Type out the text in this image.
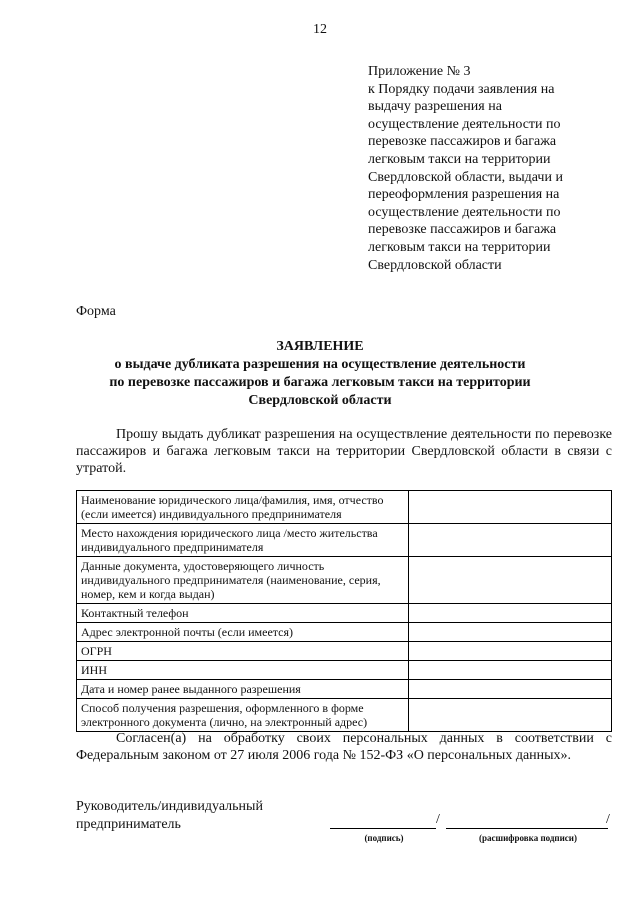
12
Приложение № 3
к Порядку подачи заявления на
выдачу разрешения на
осуществление деятельности по
перевозке пассажиров и багажа
легковым такси на территории
Свердловской области, выдачи и
переоформления разрешения на
осуществление деятельности по
перевозке пассажиров и багажа
легковым такси на территории
Свердловской области
Форма
ЗАЯВЛЕНИЕ
о выдаче дубликата разрешения на осуществление деятельности
по перевозке пассажиров и багажа легковым такси на территории
Свердловской области
Прошу выдать дубликат разрешения на осуществление деятельности по перевозке пассажиров и багажа легковым такси на территории Свердловской области в связи с утратой.
Наименование юридического лица/фамилия, имя, отчество (если имеется) индивидуального предпринимателя	
Место нахождения юридического лица /место жительства индивидуального предпринимателя	
Данные документа, удостоверяющего личность индивидуального предпринимателя (наименование, серия, номер, кем и когда выдан)	
Контактный телефон	
Адрес электронной почты (если имеется)	
ОГРН	
ИНН	
Дата и номер ранее выданного разрешения	
Способ получения разрешения, оформленного в форме электронного документа (лично, на электронный адрес)	
Согласен(а) на обработку своих персональных данных в соответствии с Федеральным законом от 27 июля 2006 года № 152-ФЗ «О персональных данных».
Руководитель/индивидуальный
предприниматель	/	/
(подпись)	(расшифровка подписи)
